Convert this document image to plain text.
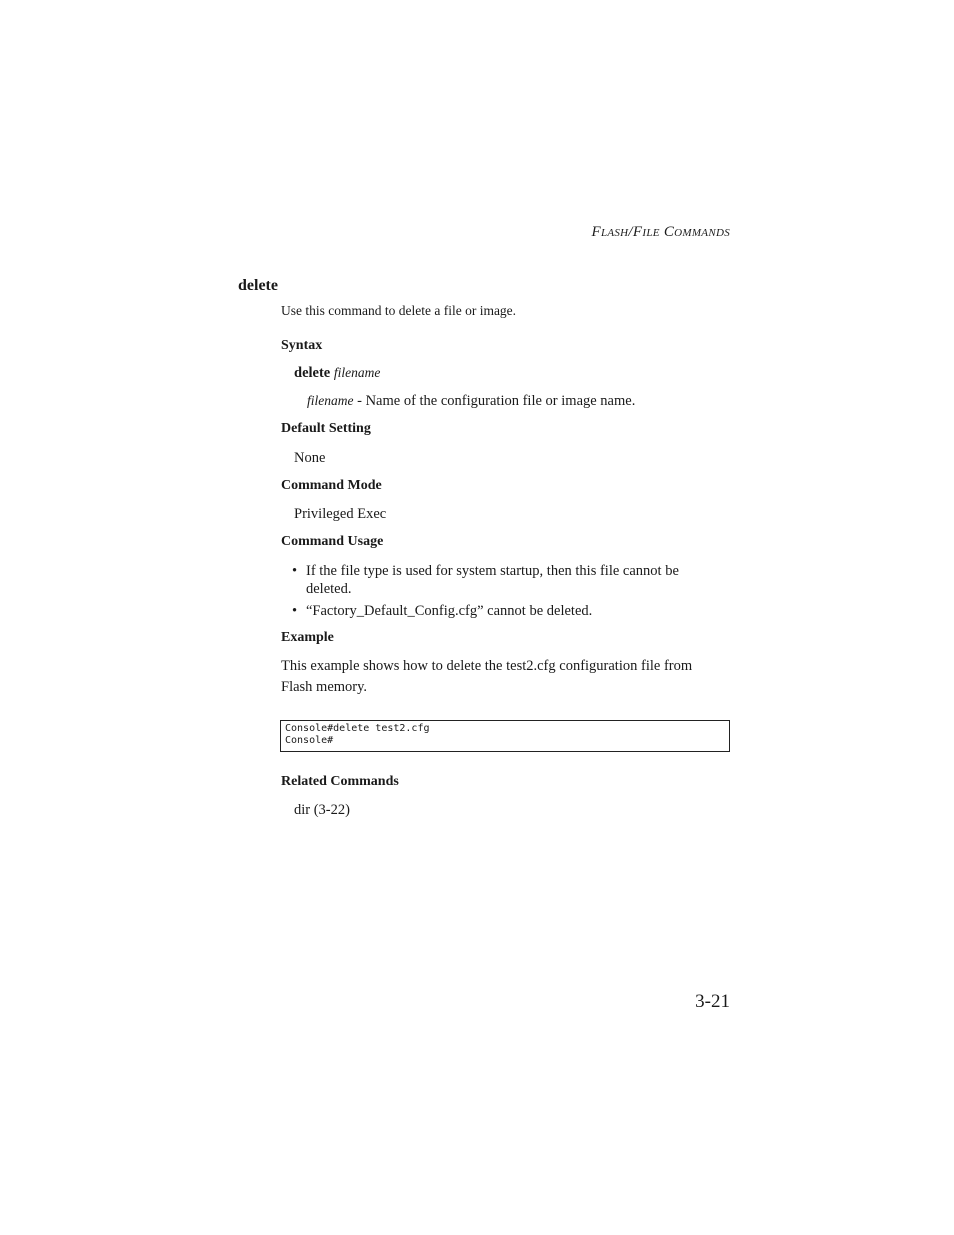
FLASH/FILE COMMANDS
delete
Use this command to delete a file or image.
Syntax
delete filename
filename - Name of the configuration file or image name.
Default Setting
None
Command Mode
Privileged Exec
Command Usage
• If the file type is used for system startup, then this file cannot be deleted.
• “Factory_Default_Config.cfg” cannot be deleted.
Example
This example shows how to delete the test2.cfg configuration file from Flash memory.
Console#delete test2.cfg
Console#
Related Commands
dir (3-22)
3-21
